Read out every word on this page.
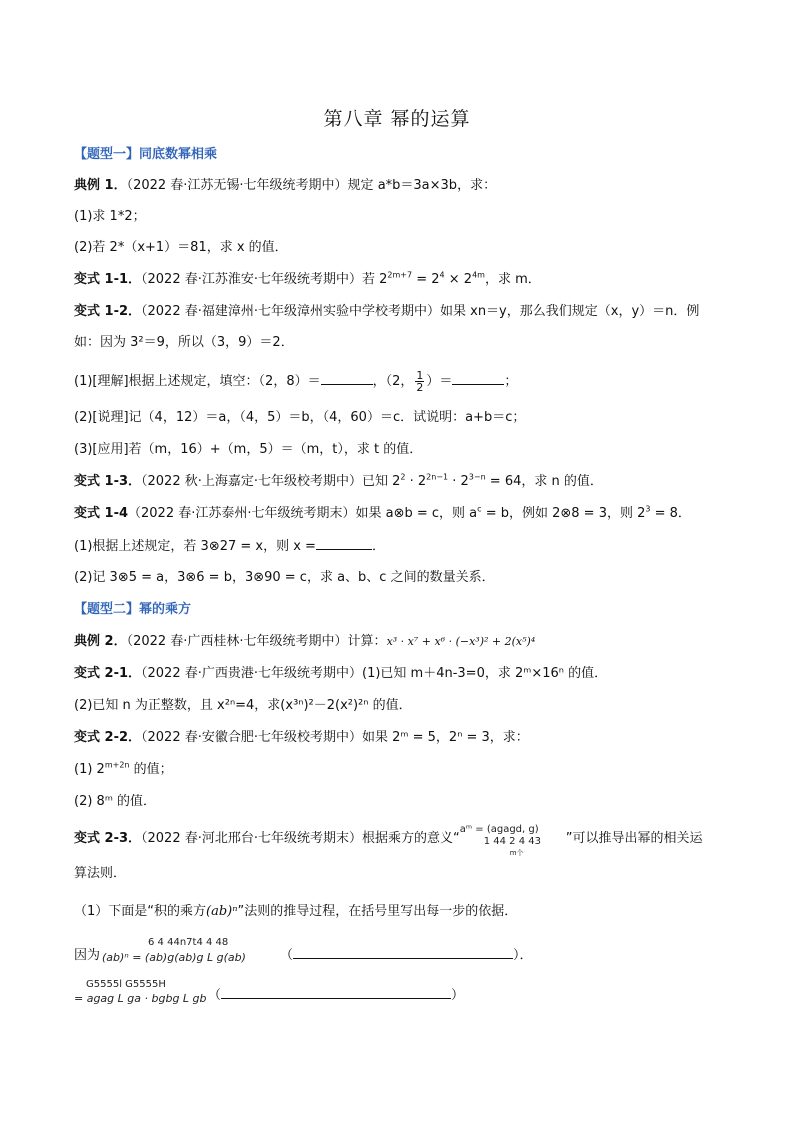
第八章 幂的运算
【题型一】同底数幂相乘
典例 1．（2022 春·江苏无锡·七年级统考期中）规定 a*b＝3a×3b，求：
(1)求 1*2；
(2)若 2*（x+1）＝81，求 x 的值．
变式 1-1．（2022 春·江苏淮安·七年级统考期中）若 $2^{2m+7} = 2^4 \times 2^{4m}$，求 m．
变式 1-2．（2022 春·福建漳州·七年级漳州实验中学校考期中）如果 xn＝y，那么我们规定（x，y）＝n．例
如：因为 3²＝9，所以（3，9）＝2．
(1)[理解]根据上述规定，填空：（2，8）＝	，（2， $\frac{1}{2}$ ）＝	；
(2)[说理]记（4，12）＝a，（4，5）＝b，（4，60）＝c．试说明：a+b＝c；
(3)[应用]若（m，16）+（m，5）＝（m，t），求 t 的值．
变式 1-3．（2022 秋·上海嘉定·七年级校考期中）已知 $2^2 \cdot 2^{2n-1} \cdot 2^{3-n} = 64$，求 n 的值．
变式 1-4（2022 春·江苏泰州·七年级统考期末）如果 a⊗b = c，则 $a^c = b$，例如 2⊗8 = 3，则 $2^3 = 8$．
(1)根据上述规定，若 3⊗27 = x，则 x =	．
(2)记 3⊗5 = a，3⊗6 = b，3⊗90 = c，求 a、b、c 之间的数量关系．
【题型二】幂的乘方
典例 2．（2022 春·广西桂林·七年级统考期中）计算：x³ · x⁷ + x⁶ · (−x³)² + 2(x⁵)⁴
变式 2-1．（2022 春·广西贵港·七年级统考期中）(1)已知 m＋4n-3=0，求 2ᵐ×16ⁿ 的值．
(2)已知 n 为正整数，且 x²ⁿ=4，求(x³ⁿ)²－2(x²)²ⁿ 的值．
变式 2-2．（2022 春·安徽合肥·七年级校考期中）如果 2ᵐ = 5，2ⁿ = 3，求：
(1) $2^{m+2n}$ 的值；
(2) 8ᵐ 的值．
变式 2-3．（2022 春·河北邢台·七年级统考期末）根据乘方的意义“
aᵐ = (agagd, g)
1 44 2 4 43
m个
”可以推导出幂的相关运
算法则．
（1）下面是“积的乘方(ab)ⁿ”法则的推导过程，在括号里写出每一步的依据．
因为
6 4 44n7t4 4 48
(ab)ⁿ = (ab)g(ab)g L g(ab)	（	）．
G5555l G5555H
= agag L ga · bgbg L gb （	）
